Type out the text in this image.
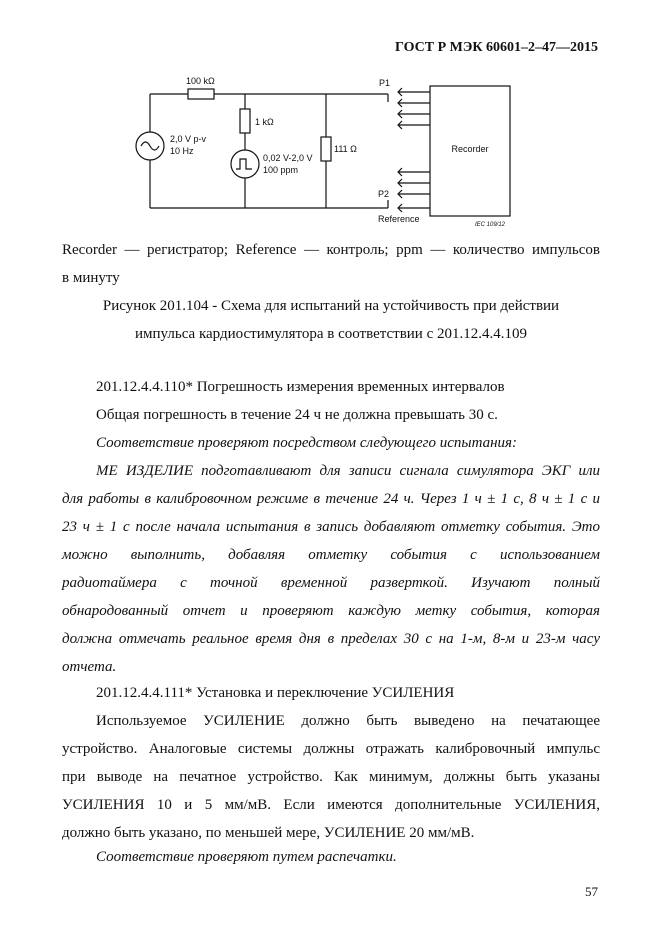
ГОСТ Р МЭК 60601–2–47—2015
100 kΩ
1 kΩ
111 Ω
2,0 V p-v
10 Hz
0,02 V-2,0 V
100 ppm
P1
P2
Reference
Recorder
IEC 109/12

Recorder — регистратор; Reference — контроль; ppm — количество импульсов

в минуту

Рисунок 201.104 - Схема для испытаний на устойчивость при действии

импульса кардиостимулятора в соответствии с 201.12.4.4.109

201.12.4.4.110* Погрешность измерения временных интервалов

Общая погрешность в течение 24 ч не должна превышать 30 с.

Соответствие проверяют посредством следующего испытания:

МЕ ИЗДЕЛИЕ подготавливают для записи сигнала симулятора ЭКГ или

для работы в калибровочном режиме в течение 24 ч. Через 1 ч ± 1 с, 8 ч ± 1 с и

23 ч ± 1 с после начала испытания в запись добавляют отметку события. Это

можно выполнить, добавляя отметку события с использованием

радиотаймера с точной временной разверткой. Изучают полный

обнародованный отчет и проверяют каждую метку события, которая

должна отмечать реальное время дня в пределах 30 с на 1-м, 8-м и 23-м часу

отчета.

201.12.4.4.111* Установка и переключение УСИЛЕНИЯ

Используемое УСИЛЕНИЕ должно быть выведено на печатающее

устройство. Аналоговые системы должны отражать калибровочный импульс

при выводе на печатное устройство. Как минимум, должны быть указаны

УСИЛЕНИЯ 10 и 5 мм/мВ. Если имеются дополнительные УСИЛЕНИЯ,

должно быть указано, по меньшей мере, УСИЛЕНИЕ 20 мм/мВ.

Соответствие проверяют путем распечатки.

57
